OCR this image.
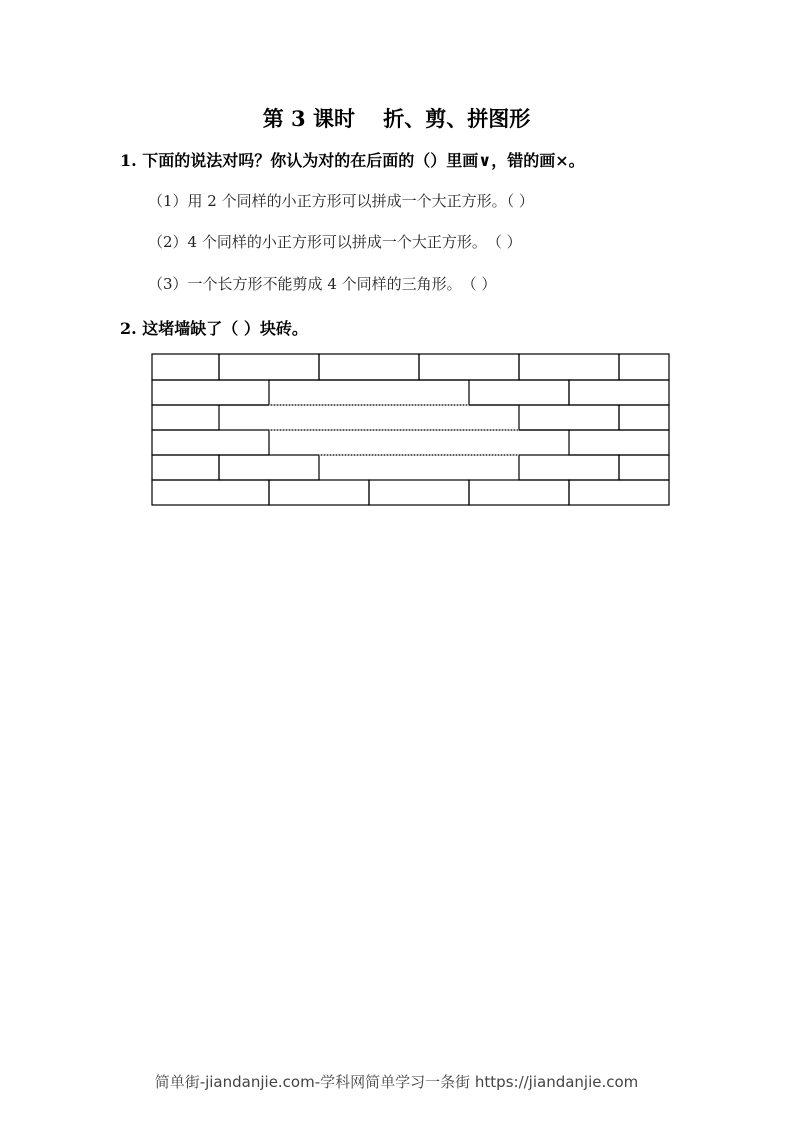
第 3 课时　 折、剪、拼图形
1. 下面的说法对吗？你认为对的在后面的（）里画∨，错的画×。
（1）用 2 个同样的小正方形可以拼成一个大正方形。（ ）
（2）4 个同样的小正方形可以拼成一个大正方形。　（ ）
（3）一个长方形不能剪成 4 个同样的三角形。　（ ）
2. 这堵墙缺了（ ）块砖。
简单街-jiandanjie.com-学科网简单学习一条街 https://jiandanjie.com
